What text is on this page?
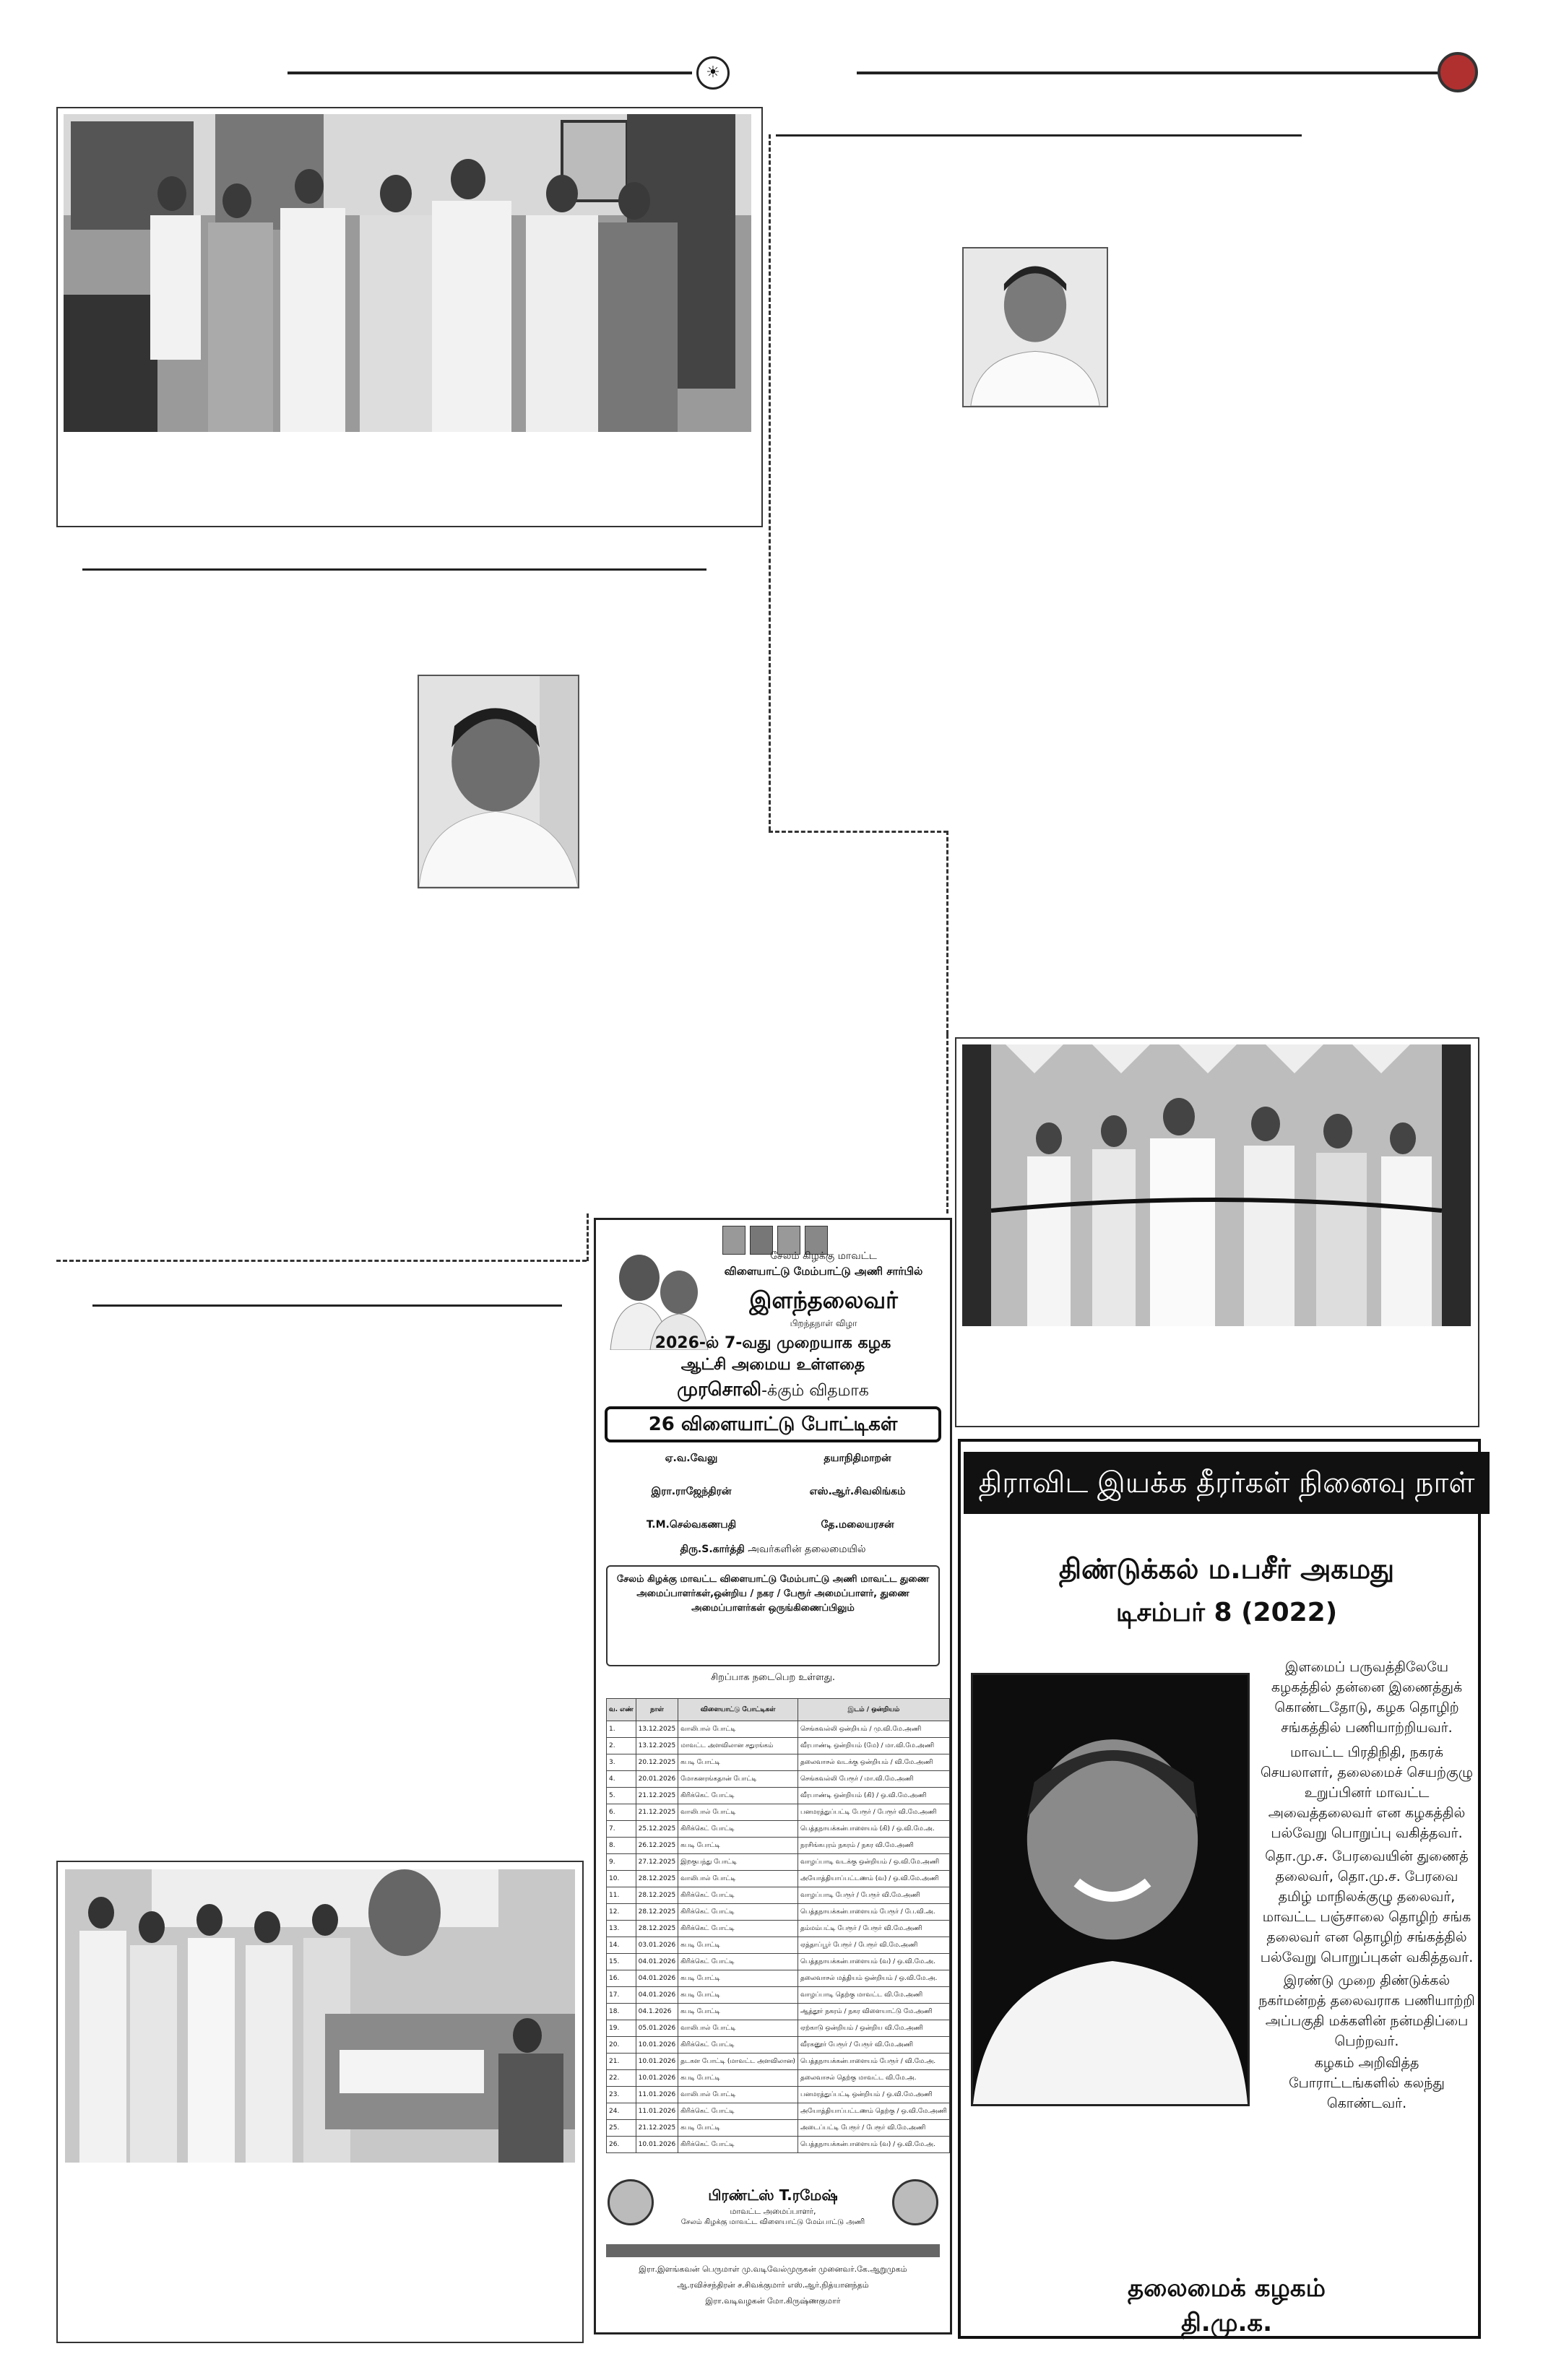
☀
திராவிட இயக்க தீரர்கள் நினைவு நாள்
திண்டுக்கல் ம.பசீர் அகமது
டிசம்பர் 8 (2022)
இளமைப் பருவத்திலேயே கழகத்தில் தன்னை இணைத்துக் கொண்டதோடு, கழக தொழிற் சங்கத்தில் பணியாற்றியவர்.
மாவட்ட பிரதிநிதி, நகரக் செயலாளர், தலைமைச் செயற்குழு உறுப்பினர் மாவட்ட அவைத்தலைவர் என கழகத்தில் பல்வேறு பொறுப்பு வகித்தவர்.
தொ.மு.ச. பேரவையின் துணைத் தலைவர், தொ.மு.ச. பேரவை தமிழ் மாநிலக்குழு தலைவர், மாவட்ட பஞ்சாலை தொழிற் சங்க தலைவர் என தொழிற் சங்கத்தில் பல்வேறு பொறுப்புகள் வகித்தவர்.
இரண்டு முறை திண்டுக்கல் நகர்மன்றத் தலைவராக பணியாற்றி அப்பகுதி மக்களின் நன்மதிப்பை பெற்றவர்.
கழகம் அறிவித்த போராட்டங்களில் கலந்து கொண்டவர்.
தலைமைக் கழகம்
தி.மு.க.
சேலம் கிழக்கு மாவட்ட
விளையாட்டு மேம்பாட்டு அணி சார்பில்
இளந்தலைவர்
பிறந்தநாள் விழா
2026-ல் 7-வது முறையாக கழக
ஆட்சி அமைய உள்ளதை
முரசொலி-க்கும் விதமாக
26 விளையாட்டு போட்டிகள்
ஏ.வ.வேலு	தயாநிதிமாறன்
இரா.ராஜேந்திரன்	எஸ்.ஆர்.சிவலிங்கம்
T.M.செல்வகணபதி	தே.மலையரசன்
திரு.S.கார்த்தி அவர்களின் தலைமையில்
சேலம் கிழக்கு மாவட்ட விளையாட்டு மேம்பாட்டு அணி மாவட்ட துணை அமைப்பாளர்கள்,ஒன்றிய / நகர / பேரூர் அமைப்பாளர், துணை அமைப்பாளர்கள் ஒருங்கிணைப்பிலும்
சிறப்பாக நடைபெற உள்ளது.
வ. எண்	நாள்	விளையாட்டு போட்டிகள்	இடம் / ஒன்றியம்
1.	13.12.2025	வாலிபால் போட்டி	செங்கவல்லி ஒன்றியம் / மு.வி.மே.அணி
2.	13.12.2025	மாவட்ட அளவிலான சதுரங்கம்	வீரபாண்டி ஒன்றியம் (மே) / மா.வி.மே.அணி
3.	20.12.2025	கபடி போட்டி	தலைவாசல் வடக்கு ஒன்றியம் / வி.மே.அணி
4.	20.01.2026	மோகனரங்கதான் போட்டி	செங்கவல்லி பேரூர் / மா.வி.மே.அணி
5.	21.12.2025	கிரிக்கெட் போட்டி	வீரபாண்டி ஒன்றியம் (கி) / ஒ.வி.மே.அணி
6.	21.12.2025	வாலிபால் போட்டி	பனமரத்துப்பட்டி பேரூர் / பேரூர் வி.மே.அணி
7.	25.12.2025	கிரிக்கெட் போட்டி	பெத்தநாயக்கன்பாளையம் (கி) / ஒ.வி.மே.அ.
8.	26.12.2025	கபடி போட்டி	நரசிங்கபுரம் நகரம் / நகர வி.மே.அணி
9.	27.12.2025	இறகுபந்து போட்டி	வாழப்பாடி வடக்கு ஒன்றியம் / ஒ.வி.மே.அணி
10.	28.12.2025	வாலிபால் போட்டி	அயோத்தியாப்பட்டணம் (வ) / ஒ.வி.மே.அணி
11.	28.12.2025	கிரிக்கெட் போட்டி	வாழப்பாடி பேரூர் / பேரூர் வி.மே.அணி
12.	28.12.2025	கிரிக்கெட் போட்டி	பெத்தநாயக்கன்பாளையம் பேரூர் / பே.வி.அ.
13.	28.12.2025	கிரிக்கெட் போட்டி	தம்மம்பட்டி பேரூர் / பேரூர் வி.மே.அணி
14.	03.01.2026	கபடி போட்டி	ஏத்தாப்பூர் பேரூர் / பேரூர் வி.மே.அணி
15.	04.01.2026	கிரிக்கெட் போட்டி	பெத்தநாயக்கன்பாளையம் (வ) / ஒ.வி.மே.அ.
16.	04.01.2026	கபடி போட்டி	தலைவாசல் மத்தியம் ஒன்றியம் / ஒ.வி.மே.அ.
17.	04.01.2026	கபடி போட்டி	வாழப்பாடி தெற்கு மாவட்ட வி.மே.அணி
18.	04.1.2026	கபடி போட்டி	ஆத்தூர் நகரம் / நகர விளையாட்டு மே.அணி
19.	05.01.2026	வாலிபால் போட்டி	ஏற்காடு ஒன்றியம் / ஒன்றிய வி.மே.அணி
20.	10.01.2026	கிரிக்கெட் போட்டி	வீரகனூர் பேரூர் / பேரூர் வி.மே.அணி
21.	10.01.2026	தடகள போட்டி (மாவட்ட அளவிலான)	பெத்தநாயக்கன்பாளையம் பேரூர் / வி.மே.அ.
22.	10.01.2026	கபடி போட்டி	தலைவாசல் தெற்கு மாவட்ட வி.மே.அ.
23.	11.01.2026	வாலிபால் போட்டி	பனமரத்துப்பட்டி ஒன்றியம் / ஒ.வி.மே.அணி
24.	11.01.2026	கிரிக்கெட் போட்டி	அயோத்தியாப்பட்டணம் தெற்கு / ஒ.வி.மே.அணி
25.	21.12.2025	கபடி போட்டி	அடைப்பட்டி பேரூர் / பேரூர் வி.மே.அணி
26.	10.01.2026	கிரிக்கெட் போட்டி	பெத்தநாயக்கன்பாளையம் (வ) / ஒ.வி.மே.அ.
பிரண்ட்ஸ் T.ரமேஷ்
மாவட்ட அமைப்பாளர்,
சேலம் கிழக்கு மாவட்ட விளையாட்டு மேம்பாட்டு அணி
இரா.இளங்கவன் பெருமாள் மு.வடிவேல்முருகன் முனைவர்.கே.ஆறுமுகம்
ஆ.ரவிச்சந்திரன் ச.சிவக்குமார் எஸ்.ஆர்.நித்யானந்தம்
இரா.வடிவழகன் மோ.கிருஷ்ணகுமார்
